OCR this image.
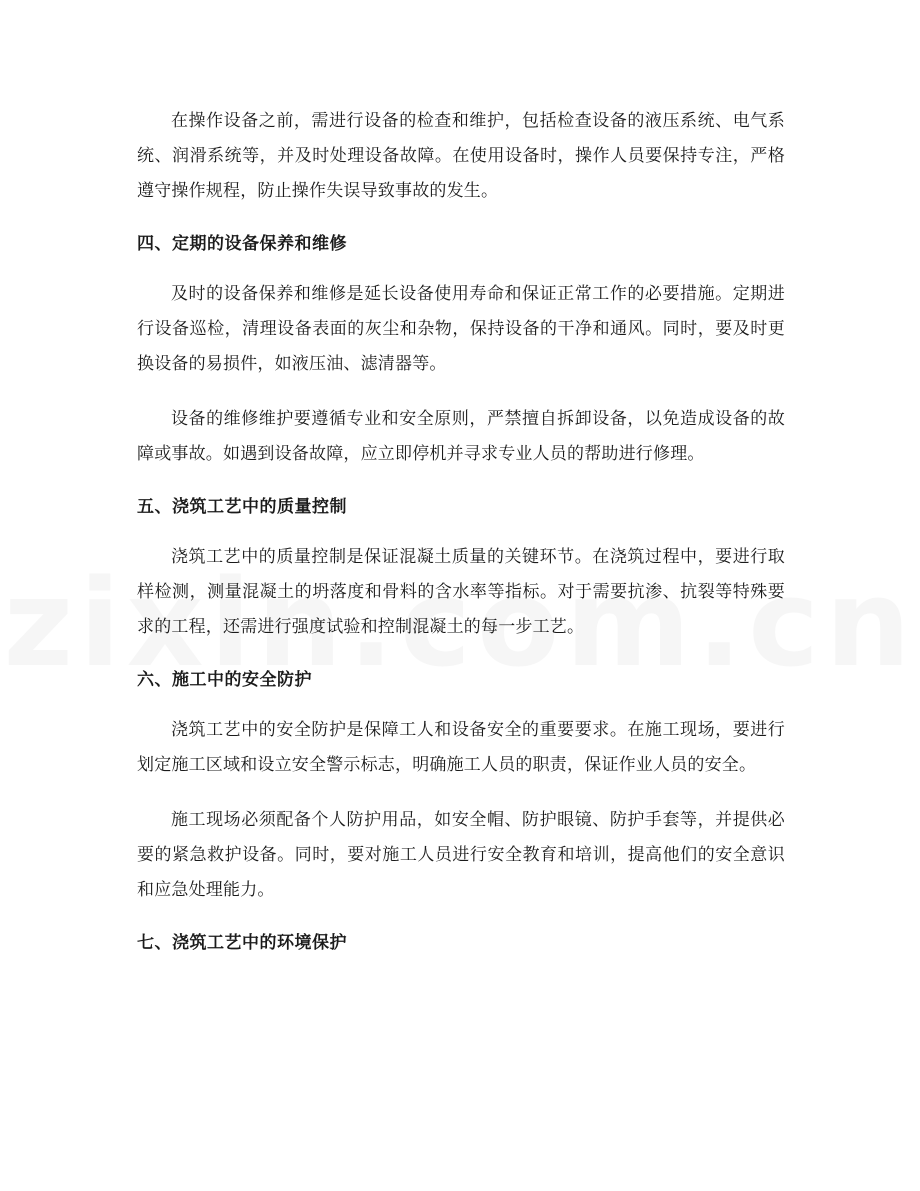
在操作设备之前，需进行设备的检查和维护，包括检查设备的液压系统、电气系统、润滑系统等，并及时处理设备故障。在使用设备时，操作人员要保持专注，严格遵守操作规程，防止操作失误导致事故的发生。

四、定期的设备保养和维修

及时的设备保养和维修是延长设备使用寿命和保证正常工作的必要措施。定期进行设备巡检，清理设备表面的灰尘和杂物，保持设备的干净和通风。同时，要及时更换设备的易损件，如液压油、滤清器等。

设备的维修维护要遵循专业和安全原则，严禁擅自拆卸设备，以免造成设备的故障或事故。如遇到设备故障，应立即停机并寻求专业人员的帮助进行修理。

五、浇筑工艺中的质量控制

浇筑工艺中的质量控制是保证混凝土质量的关键环节。在浇筑过程中，要进行取样检测，测量混凝土的坍落度和骨料的含水率等指标。对于需要抗渗、抗裂等特殊要求的工程，还需进行强度试验和控制混凝土的每一步工艺。

六、施工中的安全防护

浇筑工艺中的安全防护是保障工人和设备安全的重要要求。在施工现场，要进行划定施工区域和设立安全警示标志，明确施工人员的职责，保证作业人员的安全。

施工现场必须配备个人防护用品，如安全帽、防护眼镜、防护手套等，并提供必要的紧急救护设备。同时，要对施工人员进行安全教育和培训，提高他们的安全意识和应急处理能力。

七、浇筑工艺中的环境保护
